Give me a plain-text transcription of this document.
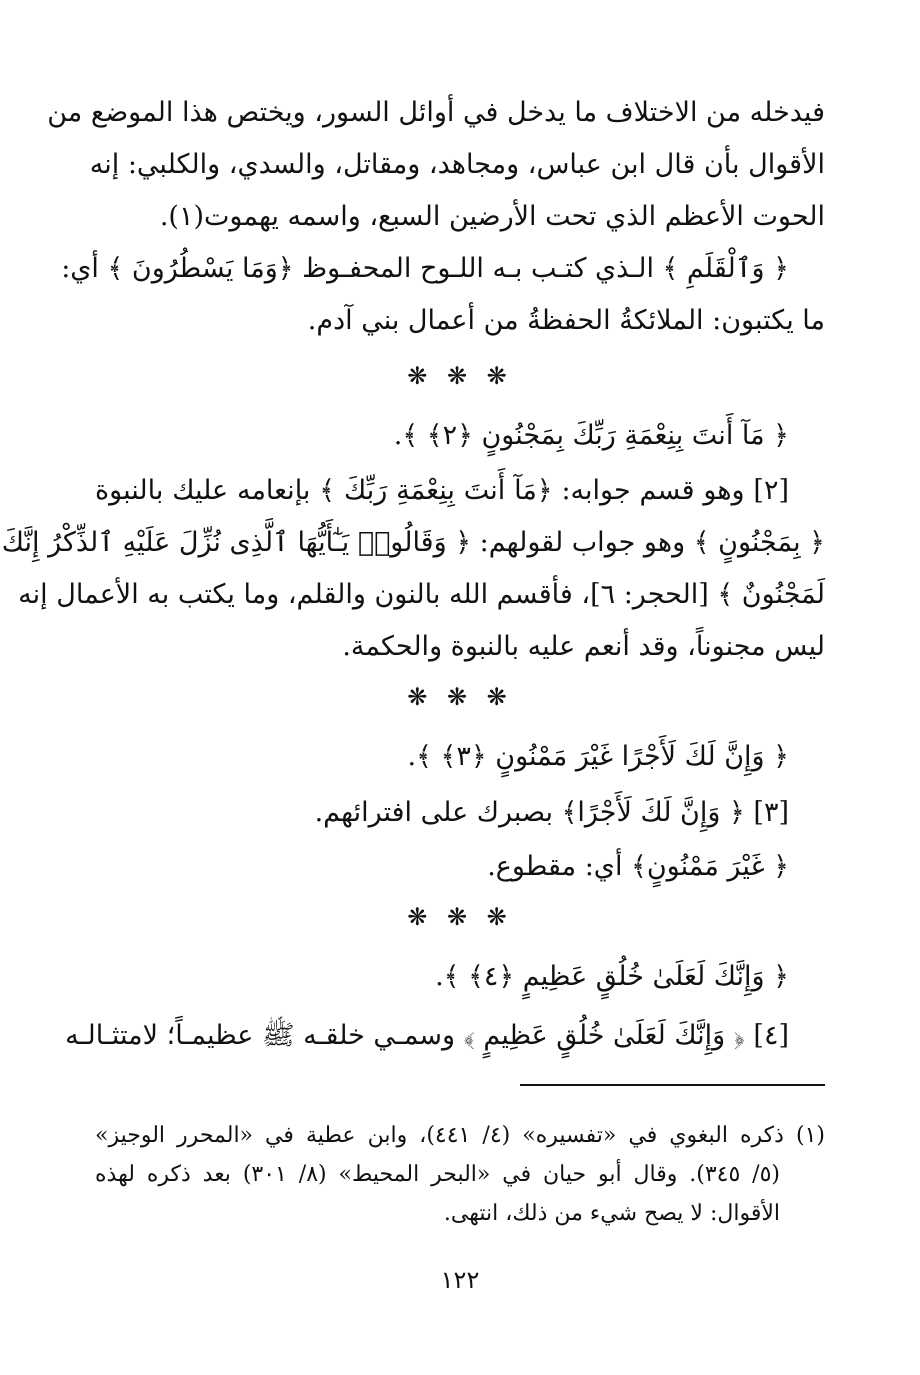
فيدخله من الاختلاف ما يدخل في أوائل السور، ويختص هذا الموضع من
الأقوال بأن قال ابن عباس، ومجاهد، ومقاتل، والسدي، والكلبي: إنه
الحوت الأعظم الذي تحت الأرضين السبع، واسمه يهموت(١).
﴿ وَٱلْقَلَمِ ﴾ الـذي كتـب بـه اللـوح المحفـوظ ﴿وَمَا يَسْطُرُونَ ﴾ أي:
ما يكتبون: الملائكةُ الحفظةُ من أعمال بني آدم.
❋ ❋ ❋
﴿ مَآ أَنتَ بِنِعْمَةِ رَبِّكَ بِمَجْنُونٍ ﴿٢﴾ ﴾.
[٢] وهو قسم جوابه: ﴿مَآ أَنتَ بِنِعْمَةِ رَبِّكَ ﴾ بإنعامه عليك بالنبوة
﴿ بِمَجْنُونٍ ﴾ وهو جواب لقولهم: ﴿ وَقَالُوا۟ يَـٰٓأَيُّهَا ٱلَّذِى نُزِّلَ عَلَيْهِ ٱلذِّكْرُ إِنَّكَ
لَمَجْنُونٌ ﴾ [الحجر: ٦]، فأقسم الله بالنون والقلم، وما يكتب به الأعمال إنه
ليس مجنوناً، وقد أنعم عليه بالنبوة والحكمة.
❋ ❋ ❋
﴿ وَإِنَّ لَكَ لَأَجْرًا غَيْرَ مَمْنُونٍ ﴿٣﴾ ﴾.
[٣] ﴿ وَإِنَّ لَكَ لَأَجْرًا﴾ بصبرك على افترائهم.
﴿ غَيْرَ مَمْنُونٍ﴾ أي: مقطوع.
❋ ❋ ❋
﴿ وَإِنَّكَ لَعَلَىٰ خُلُقٍ عَظِيمٍ ﴿٤﴾ ﴾.
[٤] ﴿ وَإِنَّكَ لَعَلَىٰ خُلُقٍ عَظِيمٍ ﴾ وسمـي خلقـه ﷺ عظيمـاً؛ لامتثـالـه
(١) ذكره البغوي في «تفسيره» (٤/ ٤٤١)، وابن عطية في «المحرر الوجيز»
(٥/ ٣٤٥). وقال أبو حيان في «البحر المحيط» (٨/ ٣٠١) بعد ذكره لهذه
الأقوال: لا يصح شيء من ذلك، انتهى.
١٢٢
